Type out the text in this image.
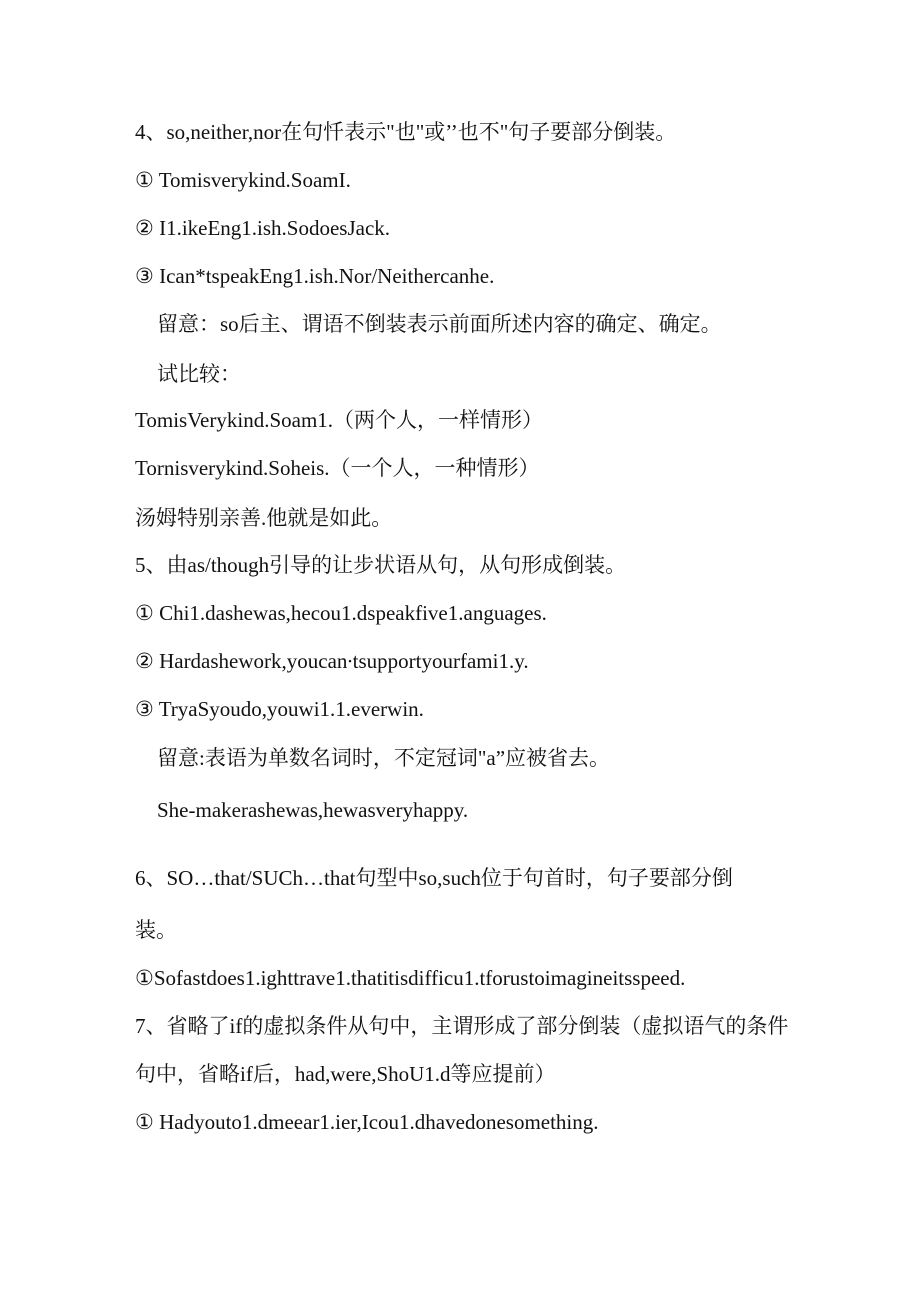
4、so,neither,nor在句忏表示"也"或’’也不"句子要部分倒装。
① Tomisverykind.SoamI.
② I1.ikeEng1.ish.SodoesJack.
③ Ican*tspeakEng1.ish.Nor/Neithercanhe.
留意：so后主、谓语不倒装表示前面所述内容的确定、确定。
试比较：
TomisVerykind.Soam1.（两个人，一样情形）
Tornisverykind.Soheis.（一个人，一种情形）
汤姆特别亲善.他就是如此。
5、由as/though引导的让步状语从句，从句形成倒装。
① Chi1.dashewas,hecou1.dspeakfive1.anguages.
② Hardashework,youcan∙tsupportyourfami1.y.
③ TryaSyoudo,youwi1.1.everwin.
留意:表语为单数名词时，不定冠词"a”应被省去。
She-makerashewas,hewasveryhappy.
6、SO…that/SUCh…that句型中so,such位于句首时，句子要部分倒
装。
①Sofastdoes1.ighttrave1.thatitisdifficu1.tforustoimagineitsspeed.
7、省略了if的虚拟条件从句中，主谓形成了部分倒装（虚拟语气的条件
句中，省略if后，had,were,ShoU1.d等应提前）
① Hadyouto1.dmeear1.ier,Icou1.dhavedonesomething.
